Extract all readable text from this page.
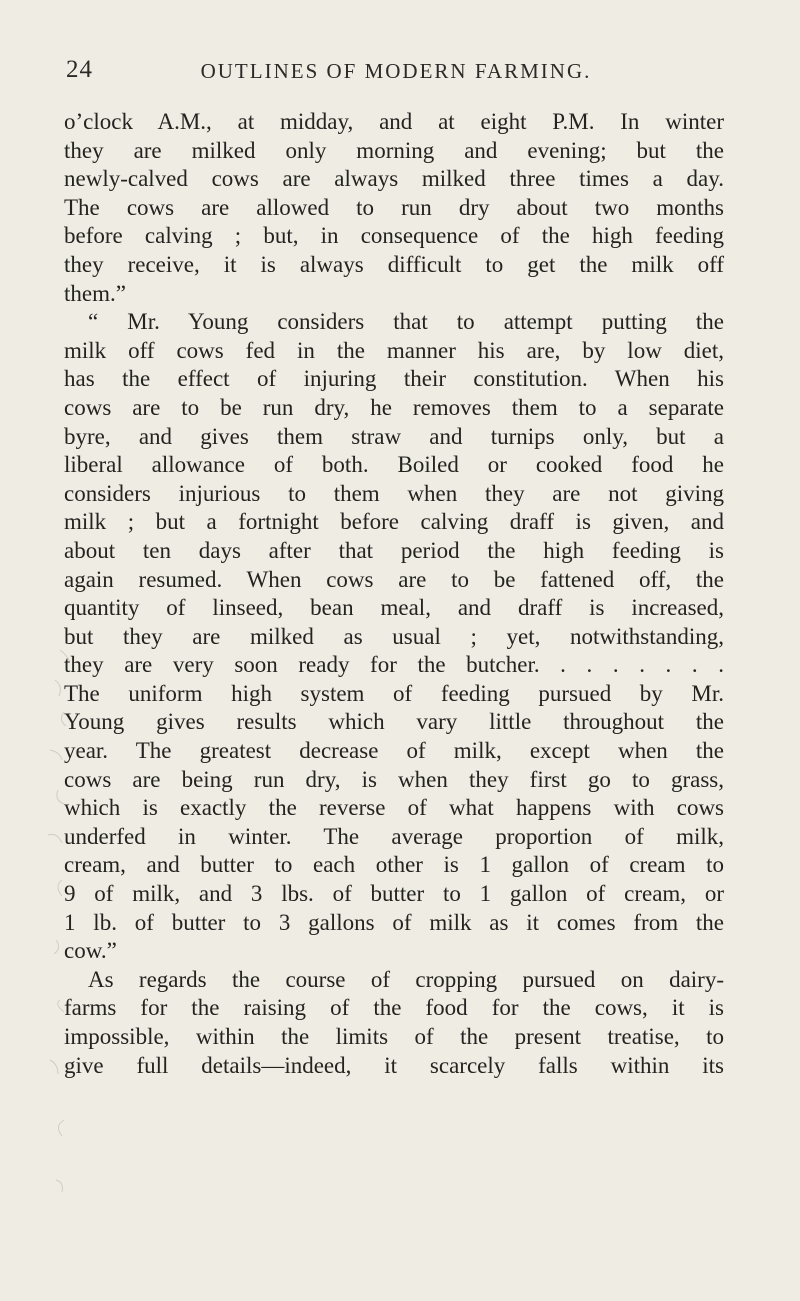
24	OUTLINES OF MODERN FARMING.
o’clock A.M., at midday, and at eight P.M. In winter
they are milked only morning and evening; but the
newly-calved cows are always milked three times a day.
The cows are allowed to run dry about two months
before calving ; but, in consequence of the high feeding
they receive, it is always difficult to get the milk off
them.”
“ Mr. Young considers that to attempt putting the
milk off cows fed in the manner his are, by low diet,
has the effect of injuring their constitution. When his
cows are to be run dry, he removes them to a separate
byre, and gives them straw and turnips only, but a
liberal allowance of both. Boiled or cooked food he
considers injurious to them when they are not giving
milk ; but a fortnight before calving draff is given, and
about ten days after that period the high feeding is
again resumed. When cows are to be fattened off, the
quantity of linseed, bean meal, and draff is increased,
but they are milked as usual ; yet, notwithstanding,
they are very soon ready for the butcher. . . . . . . .
The uniform high system of feeding pursued by Mr.
Young gives results which vary little throughout the
year. The greatest decrease of milk, except when the
cows are being run dry, is when they first go to grass,
which is exactly the reverse of what happens with cows
underfed in winter. The average proportion of milk,
cream, and butter to each other is 1 gallon of cream to
9 of milk, and 3 lbs. of butter to 1 gallon of cream, or
1 lb. of butter to 3 gallons of milk as it comes from the
cow.”
As regards the course of cropping pursued on dairy-
farms for the raising of the food for the cows, it is
impossible, within the limits of the present treatise, to
give full details—indeed, it scarcely falls within its
